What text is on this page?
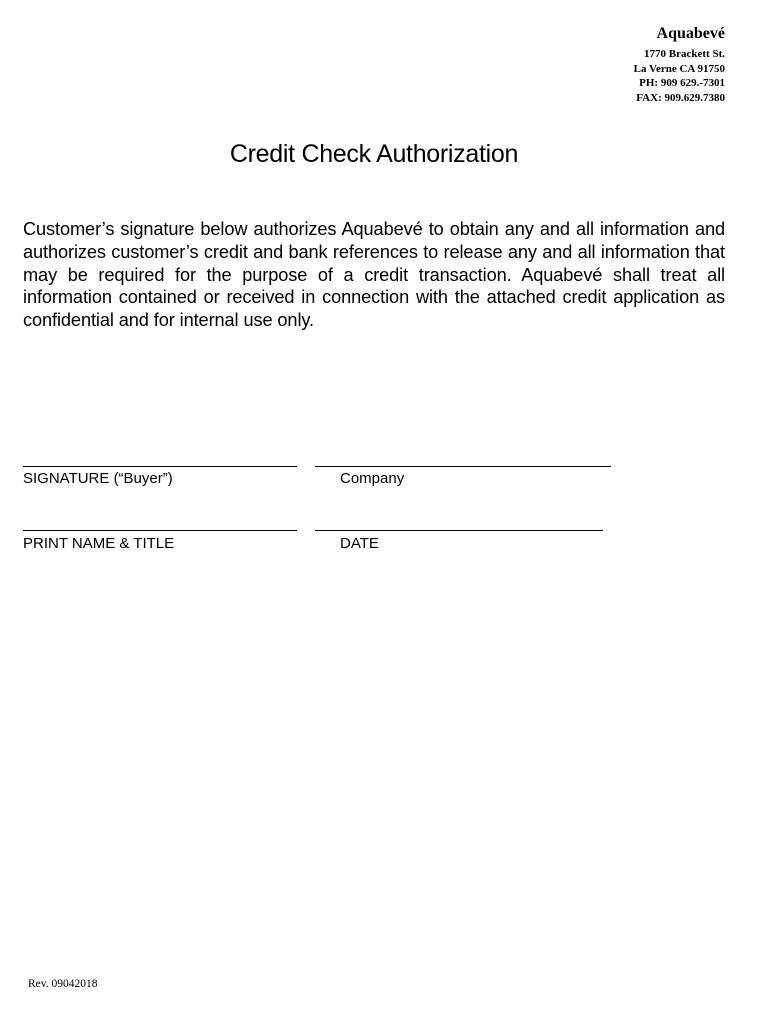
Aquabevé
1770 Brackett St.
La Verne CA 91750
PH: 909 629.-7301
FAX: 909.629.7380
Credit Check Authorization
Customer’s signature below authorizes Aquabevé to obtain any and all information and authorizes customer’s credit and bank references to release any and all information that may be required for the purpose of a credit transaction. Aquabevé shall treat all information contained or received in connection with the attached credit application as confidential and for internal use only.
SIGNATURE (“Buyer”)	Company
PRINT NAME & TITLE	DATE
Rev. 09042018
